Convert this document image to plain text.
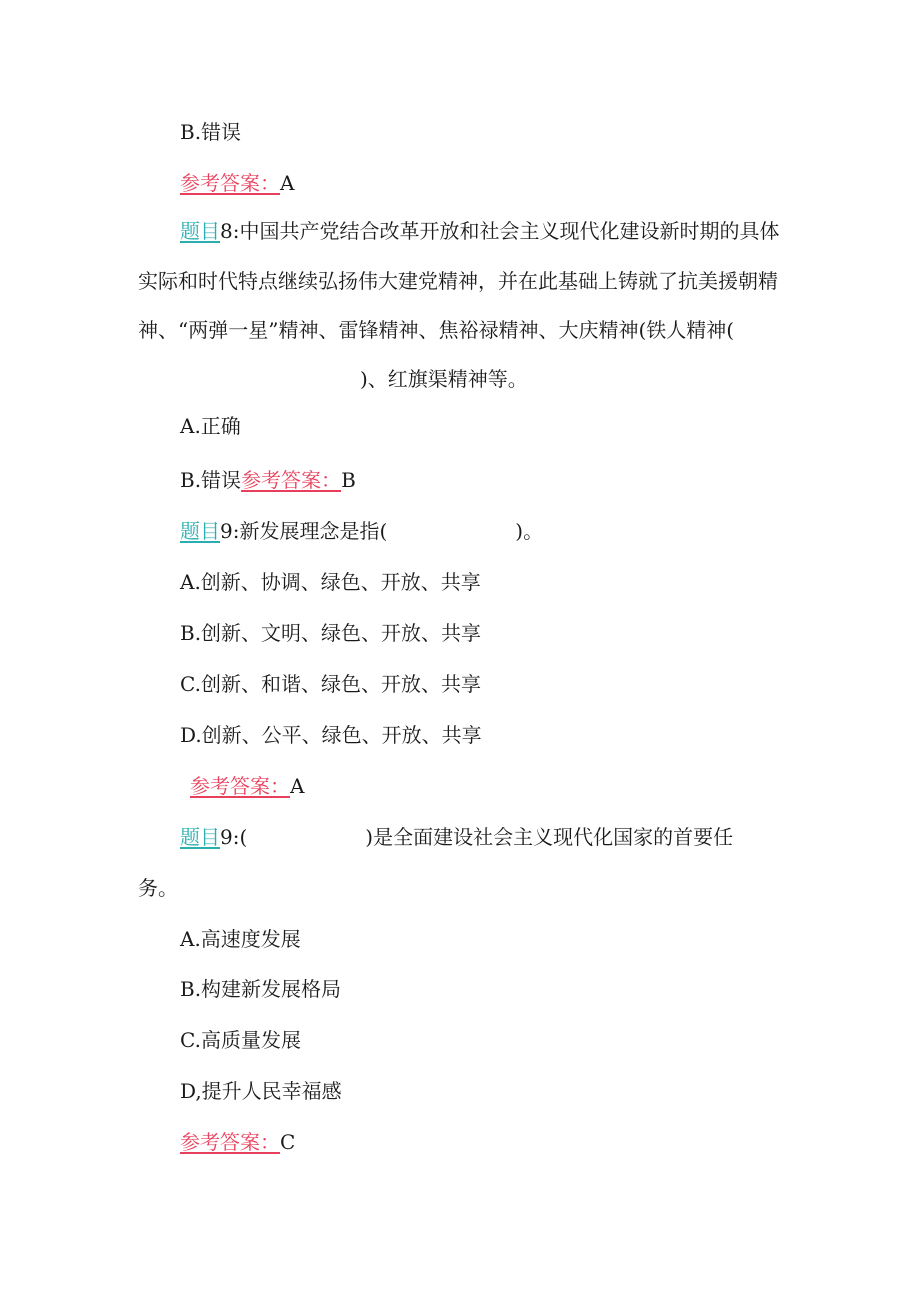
B.错误
参考答案：A
题目8:中国共产党结合改革开放和社会主义现代化建设新时期的具体
实际和时代特点继续弘扬伟大建党精神，并在此基础上铸就了抗美援朝精
神、“两弹一星”精神、雷锋精神、焦裕禄精神、大庆精神(铁人精神(
)、红旗渠精神等。
A.正确
B.错误参考答案：B
题目9:新发展理念是指(	)。
A.创新、协调、绿色、开放、共享
B.创新、文明、绿色、开放、共享
C.创新、和谐、绿色、开放、共享
D.创新、公平、绿色、开放、共享
参考答案：A
题目9:(	)是全面建设社会主义现代化国家的首要任
务。
A.高速度发展
B.构建新发展格局
C.高质量发展
D,提升人民幸福感
参考答案：C
